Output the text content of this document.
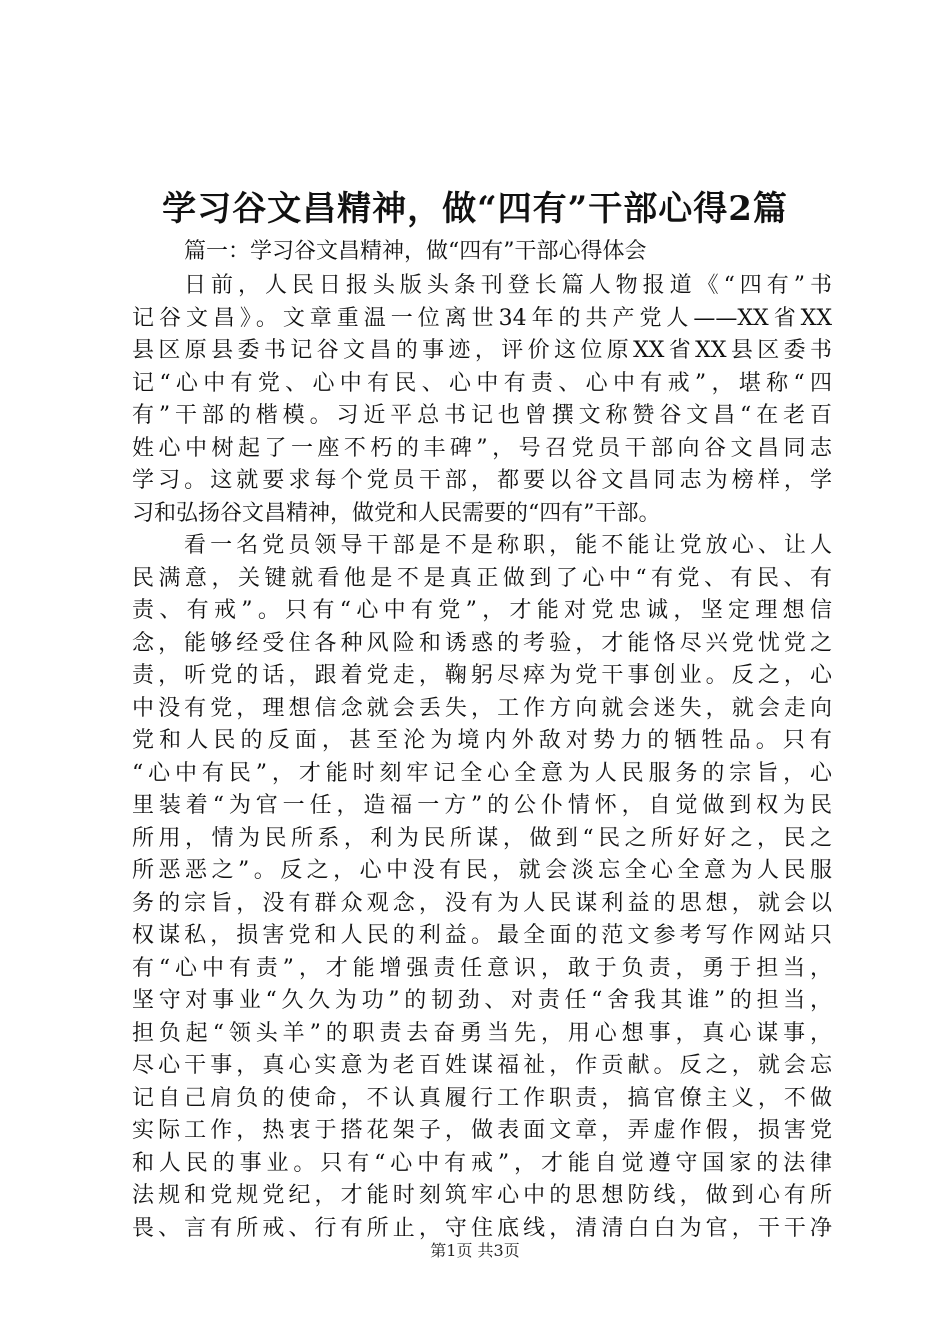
学习谷文昌精神，做“四有”干部心得2篇
篇一：学习谷文昌精神，做“四有”干部心得体会
日前，人民日报头版头条刊登长篇人物报道《“四有”书
记谷文昌》。文章重温一位离世34年的共产党人——XX省XX
县区原县委书记谷文昌的事迹，评价这位原XX省XX县区委书
记“心中有党、心中有民、心中有责、心中有戒”，堪称“四
有”干部的楷模。习近平总书记也曾撰文称赞谷文昌“在老百
姓心中树起了一座不朽的丰碑”，号召党员干部向谷文昌同志
学习。这就要求每个党员干部，都要以谷文昌同志为榜样，学
习和弘扬谷文昌精神，做党和人民需要的“四有”干部。
看一名党员领导干部是不是称职，能不能让党放心、让人
民满意，关键就看他是不是真正做到了心中“有党、有民、有
责、有戒”。只有“心中有党”，才能对党忠诚，坚定理想信
念，能够经受住各种风险和诱惑的考验，才能恪尽兴党忧党之
责，听党的话，跟着党走，鞠躬尽瘁为党干事创业。反之，心
中没有党，理想信念就会丢失，工作方向就会迷失，就会走向
党和人民的反面，甚至沦为境内外敌对势力的牺牲品。只有
“心中有民”，才能时刻牢记全心全意为人民服务的宗旨，心
里装着“为官一任，造福一方”的公仆情怀，自觉做到权为民
所用，情为民所系，利为民所谋，做到“民之所好好之，民之
所恶恶之”。反之，心中没有民，就会淡忘全心全意为人民服
务的宗旨，没有群众观念，没有为人民谋利益的思想，就会以
权谋私，损害党和人民的利益。最全面的范文参考写作网站只
有“心中有责”，才能增强责任意识，敢于负责，勇于担当，
坚守对事业“久久为功”的韧劲、对责任“舍我其谁”的担当，
担负起“领头羊”的职责去奋勇当先，用心想事，真心谋事，
尽心干事，真心实意为老百姓谋福祉，作贡献。反之，就会忘
记自己肩负的使命，不认真履行工作职责，搞官僚主义，不做
实际工作，热衷于搭花架子，做表面文章，弄虚作假，损害党
和人民的事业。只有“心中有戒”，才能自觉遵守国家的法律
法规和党规党纪，才能时刻筑牢心中的思想防线，做到心有所
畏、言有所戒、行有所止，守住底线，清清白白为官，干干净
第1页 共3页
